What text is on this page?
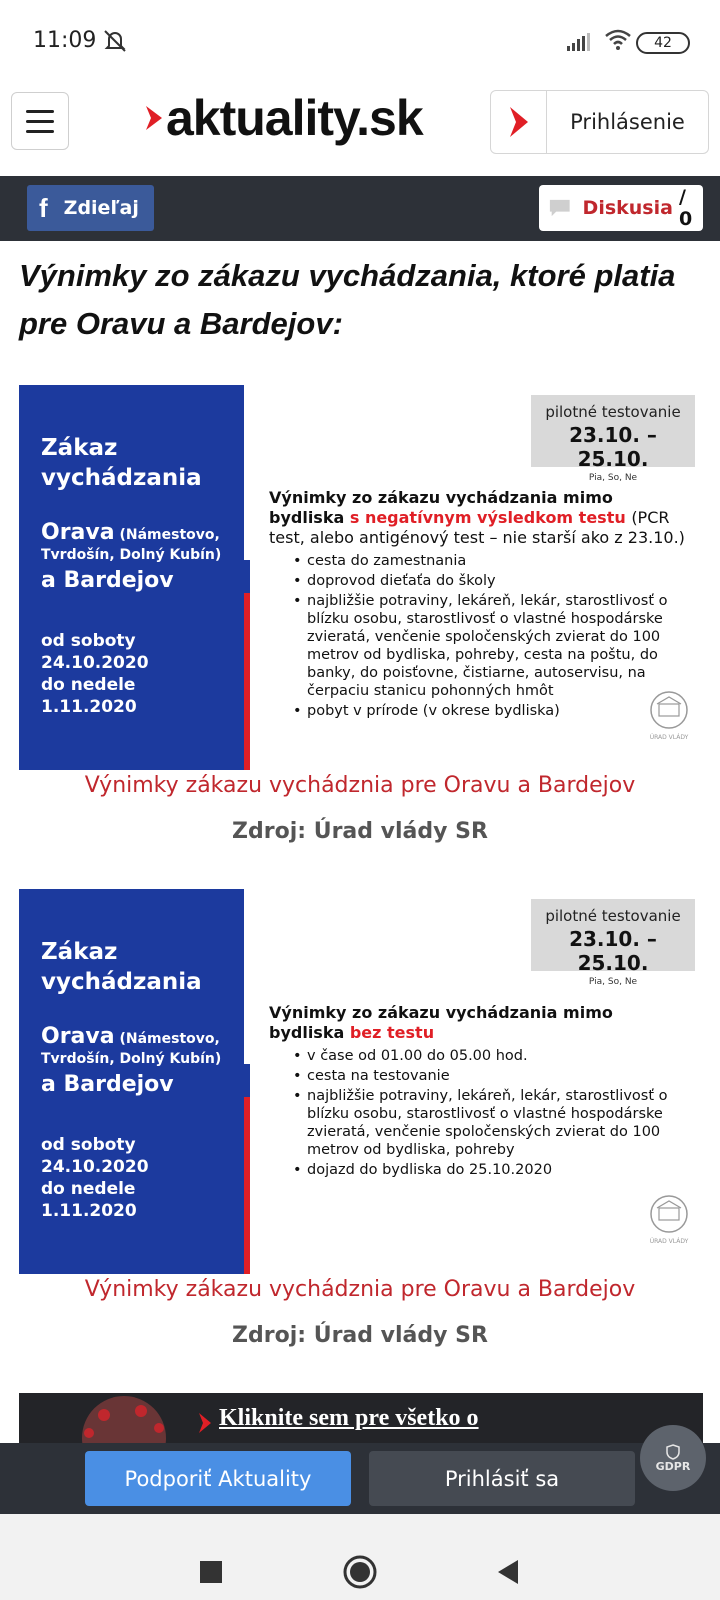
11:09	42
aktuality.sk	Prihlásenie
f Zdieľaj	Diskusia / 0
Výnimky zo zákazu vychádzania, ktoré platia pre Oravu a Bardejov:
Zákaz
vychádzania
Orava (Námestovo, Tvrdošín, Dolný Kubín)
a Bardejov
od soboty
24.10.2020
do nedele
1.11.2020
pilotné testovanie
23.10. – 25.10.
Pia, So, Ne
Výnimky zo zákazu vychádzania mimo bydliska s negatívnym výsledkom testu (PCR test, alebo antigénový test – nie starší ako z 23.10.)
• cesta do zamestnania
• doprovod dieťaťa do školy
• najbližšie potraviny, lekáreň, lekár, starostlivosť o blízku osobu, starostlivosť o vlastné hospodárske zvieratá, venčenie spoločenských zvierat do 100 metrov od bydliska, pohreby, cesta na poštu, do banky, do poisťovne, čistiarne, autoservisu, na čerpaciu stanicu pohonných hmôt
• pobyt v prírode (v okrese bydliska)
ÚRAD VLÁDY
Výnimky zákazu vychádznia pre Oravu a Bardejov
Zdroj: Úrad vlády SR
Zákaz
vychádzania
Orava (Námestovo, Tvrdošín, Dolný Kubín)
a Bardejov
od soboty
24.10.2020
do nedele
1.11.2020
pilotné testovanie
23.10. – 25.10.
Pia, So, Ne
Výnimky zo zákazu vychádzania mimo bydliska bez testu
• v čase od 01.00 do 05.00 hod.
• cesta na testovanie
• najbližšie potraviny, lekáreň, lekár, starostlivosť o blízku osobu, starostlivosť o vlastné hospodárske zvieratá, venčenie spoločenských zvierat do 100 metrov od bydliska, pohreby
• dojazd do bydliska do 25.10.2020
ÚRAD VLÁDY
Výnimky zákazu vychádznia pre Oravu a Bardejov
Zdroj: Úrad vlády SR
Kliknite sem pre všetko o
Podporiť Aktuality	Prihlásiť sa
GDPR
